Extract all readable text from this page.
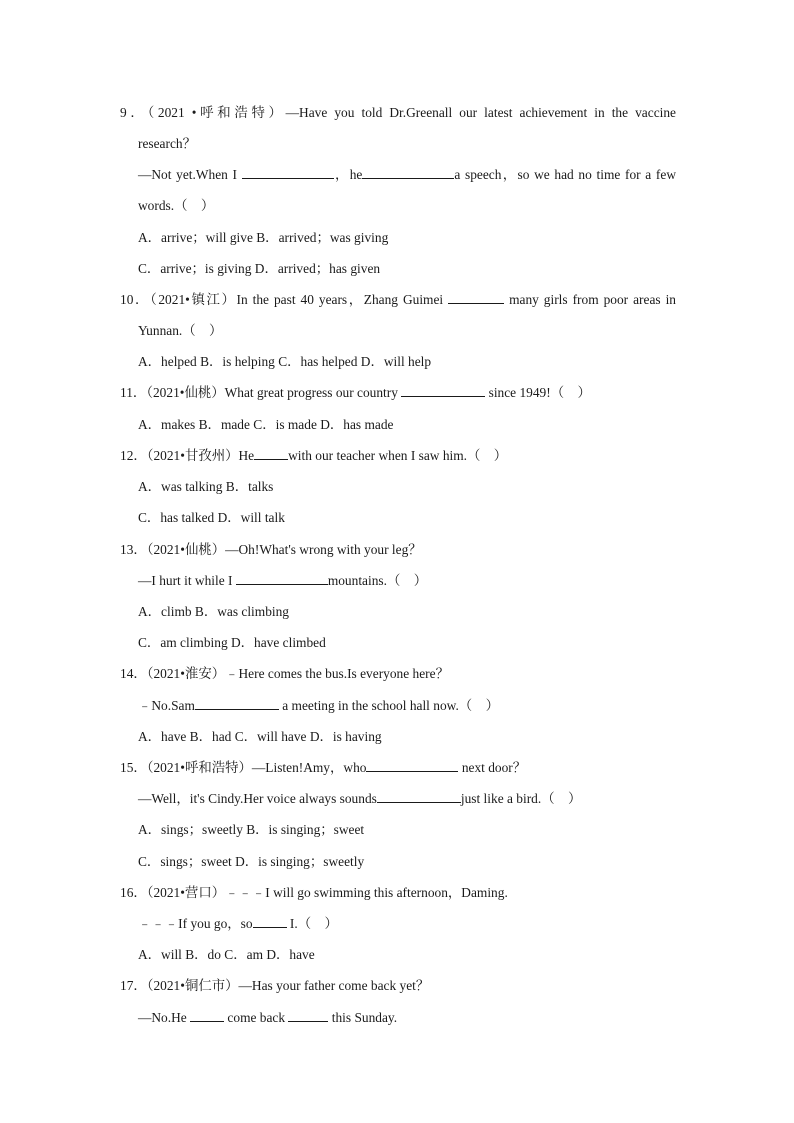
9．（2021 •呼和浩特）—Have you told Dr.Greenall our latest achievement in the vaccine
research？
—Not yet.When I	，he	a speech，so we had no time for a few
words.（　）
A．arrive；will give B．arrived；was giving
C．arrive；is giving D．arrived；has given
10．（2021•镇江）In the past 40 years，Zhang Guimei	many girls from poor areas in
Yunnan.（　）
A．helped B．is helping C．has helped D．will help
11．（2021•仙桃）What great progress our country	since 1949!（　）
A．makes B．made C．is made D．has made
12．（2021•甘孜州）He	with our teacher when I saw him.（　）
A．was talking B．talks
C．has talked D．will talk
13．（2021•仙桃）—Oh!What's wrong with your leg？
—I hurt it while I	mountains.（　）
A．climb B．was climbing
C．am climbing D．have climbed
14．（2021•淮安）﹣Here comes the bus.Is everyone here？
﹣No.Sam	a meeting in the school hall now.（　）
A．have B．had C．will have D．is having
15．（2021•呼和浩特）—Listen!Amy，who	next door？
—Well，it's Cindy.Her voice always sounds	just like a bird.（　）
A．sings；sweetly B．is singing；sweet
C．sings；sweet D．is singing；sweetly
16．（2021•营口）﹣﹣﹣I will go swimming this afternoon，Daming.
﹣﹣﹣If you go，so	I.（　）
A．will B．do C．am D．have
17．（2021•铜仁市）—Has your father come back yet？
—No.He	come back	this Sunday.
